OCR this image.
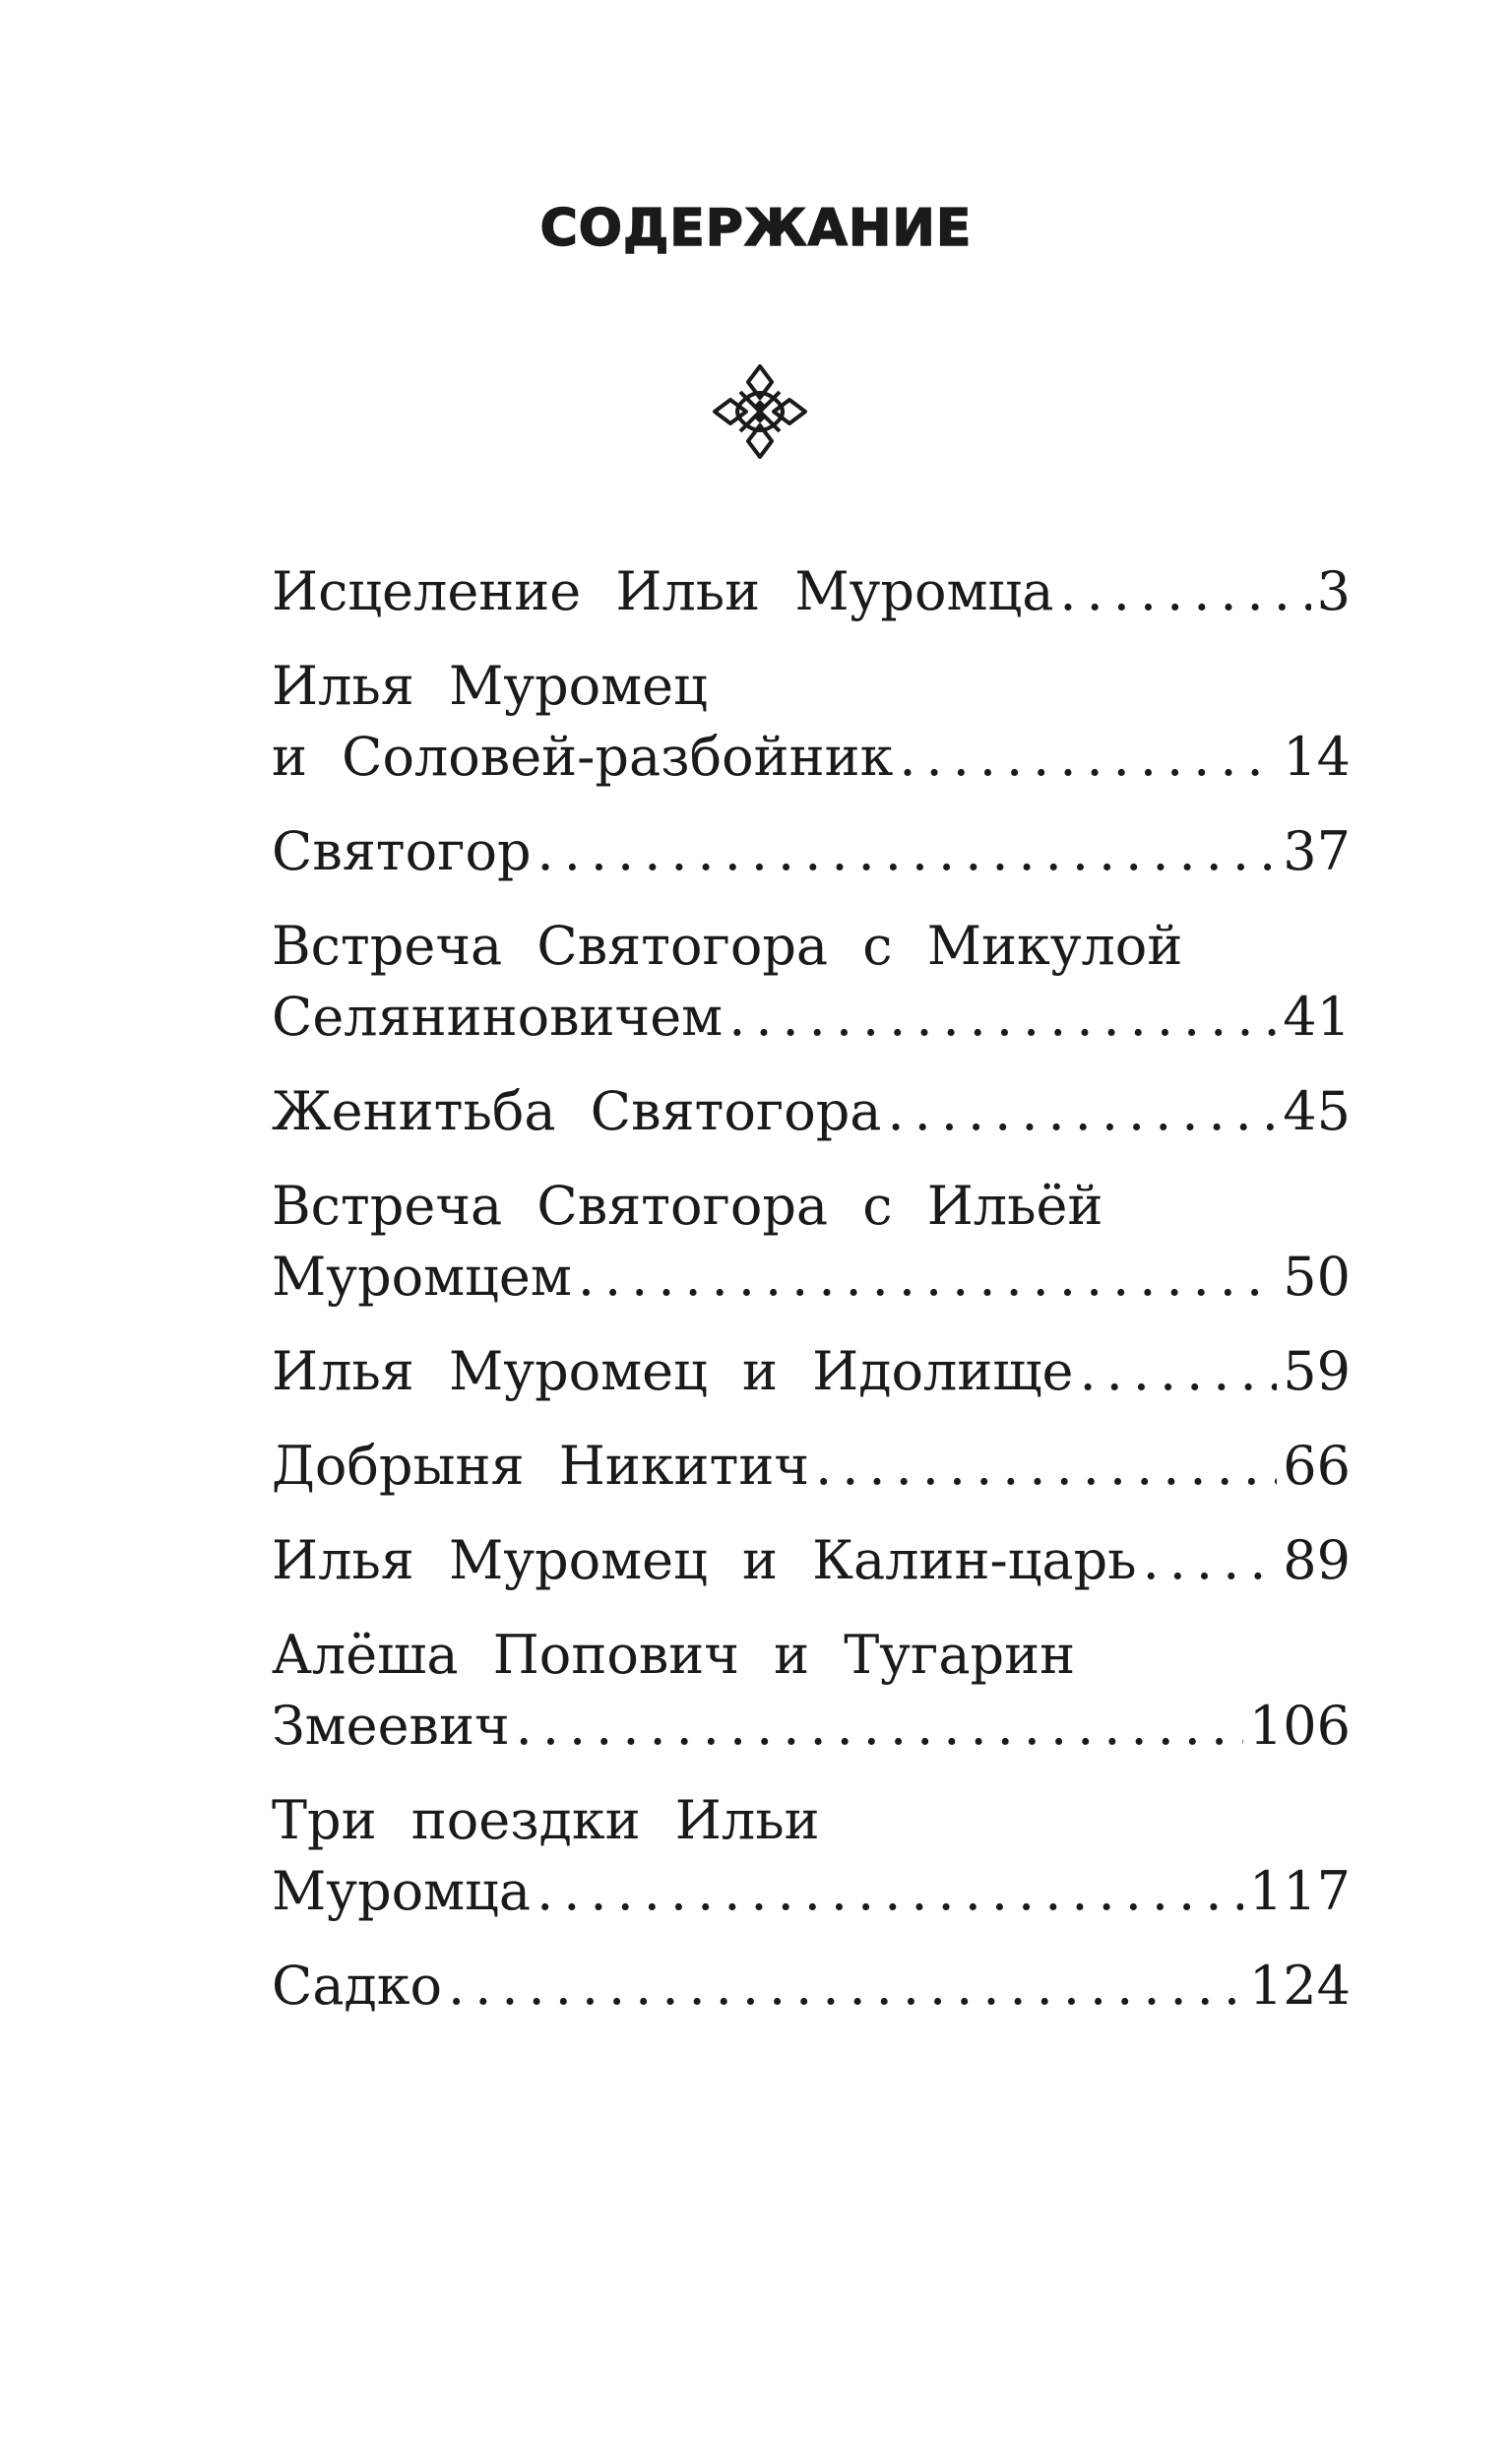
СОДЕРЖАНИЕ
Исцеление Ильи Муромца .....	3
Илья Муромец
и Соловей-разбойник .....	14
Святогор .....	37
Встреча Святогора с Микулой
Селяниновичем .....	41
Женитьба Святогора .....	45
Встреча Святогора с Ильёй
Муромцем .....	50
Илья Муромец и Идолище .....	59
Добрыня Никитич .....	66
Илья Муромец и Калин-царь .....	89
Алёша Попович и Тугарин
Змеевич .....	106
Три поездки Ильи
Муромца .....	117
Садко .....	124
